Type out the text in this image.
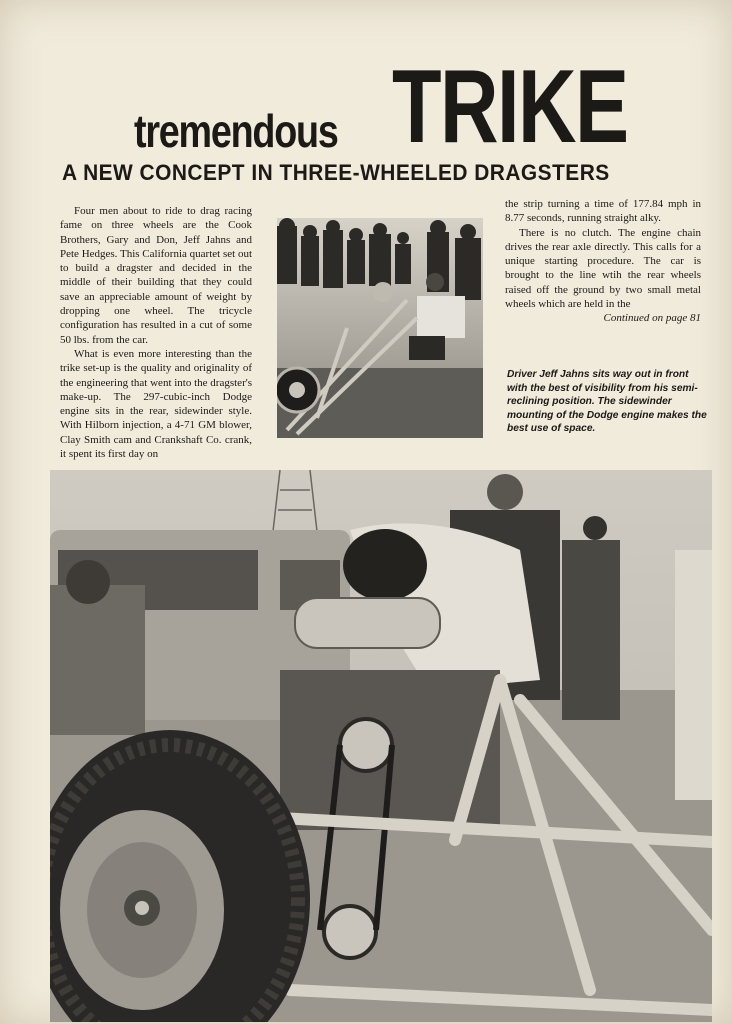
tremendous TRIKE
A NEW CONCEPT IN THREE-WHEELED DRAGSTERS

Four men about to ride to drag racing fame on three wheels are the Cook Brothers, Gary and Don, Jeff Jahns and Pete Hedges. This California quartet set out to build a dragster and decided in the middle of their building that they could save an appreciable amount of weight by dropping one wheel. The tricycle configuration has resulted in a cut of some 50 lbs. from the car.

What is even more interesting than the trike set-up is the quality and originality of the engineering that went into the dragster's make-up. The 297-cubic-inch Dodge engine sits in the rear, sidewinder style. With Hilborn injection, a 4-71 GM blower, Clay Smith cam and Crankshaft Co. crank, it spent its first day on

the strip turning a time of 177.84 mph in 8.77 seconds, running straight alky.

There is no clutch. The engine chain drives the rear axle directly. This calls for a unique starting procedure. The car is brought to the line wtih the rear wheels raised off the ground by two small metal wheels which are held in the

Continued on page 81
Driver Jeff Jahns sits way out in front with the best of visibility from his semi-reclining position. The sidewinder mounting of the Dodge engine makes the best use of space.
